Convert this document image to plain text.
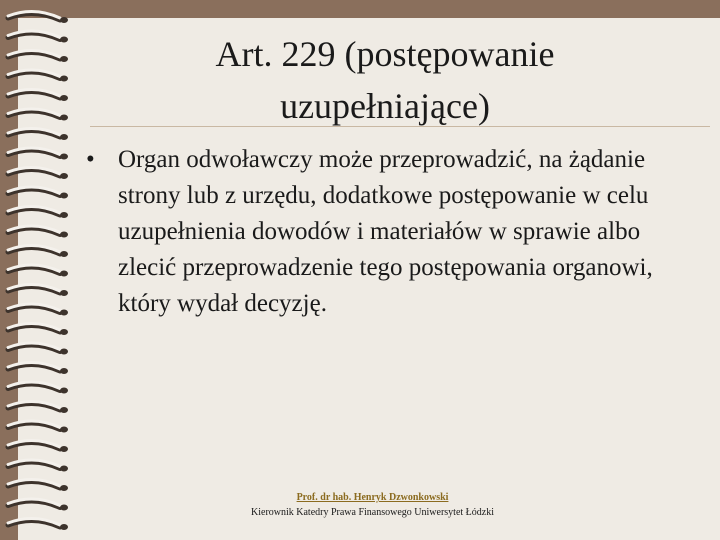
Art. 229 (postępowanie
uzupełniające)
• Organ odwoławczy może przeprowadzić, na żądanie strony lub z urzędu, dodatkowe postępowanie w celu uzupełnienia dowodów i materiałów w sprawie albo zlecić przeprowadzenie tego postępowania organowi, który wydał decyzję.
Prof. dr hab. Henryk Dzwonkowski
Kierownik Katedry Prawa Finansowego Uniwersytet Łódzki
